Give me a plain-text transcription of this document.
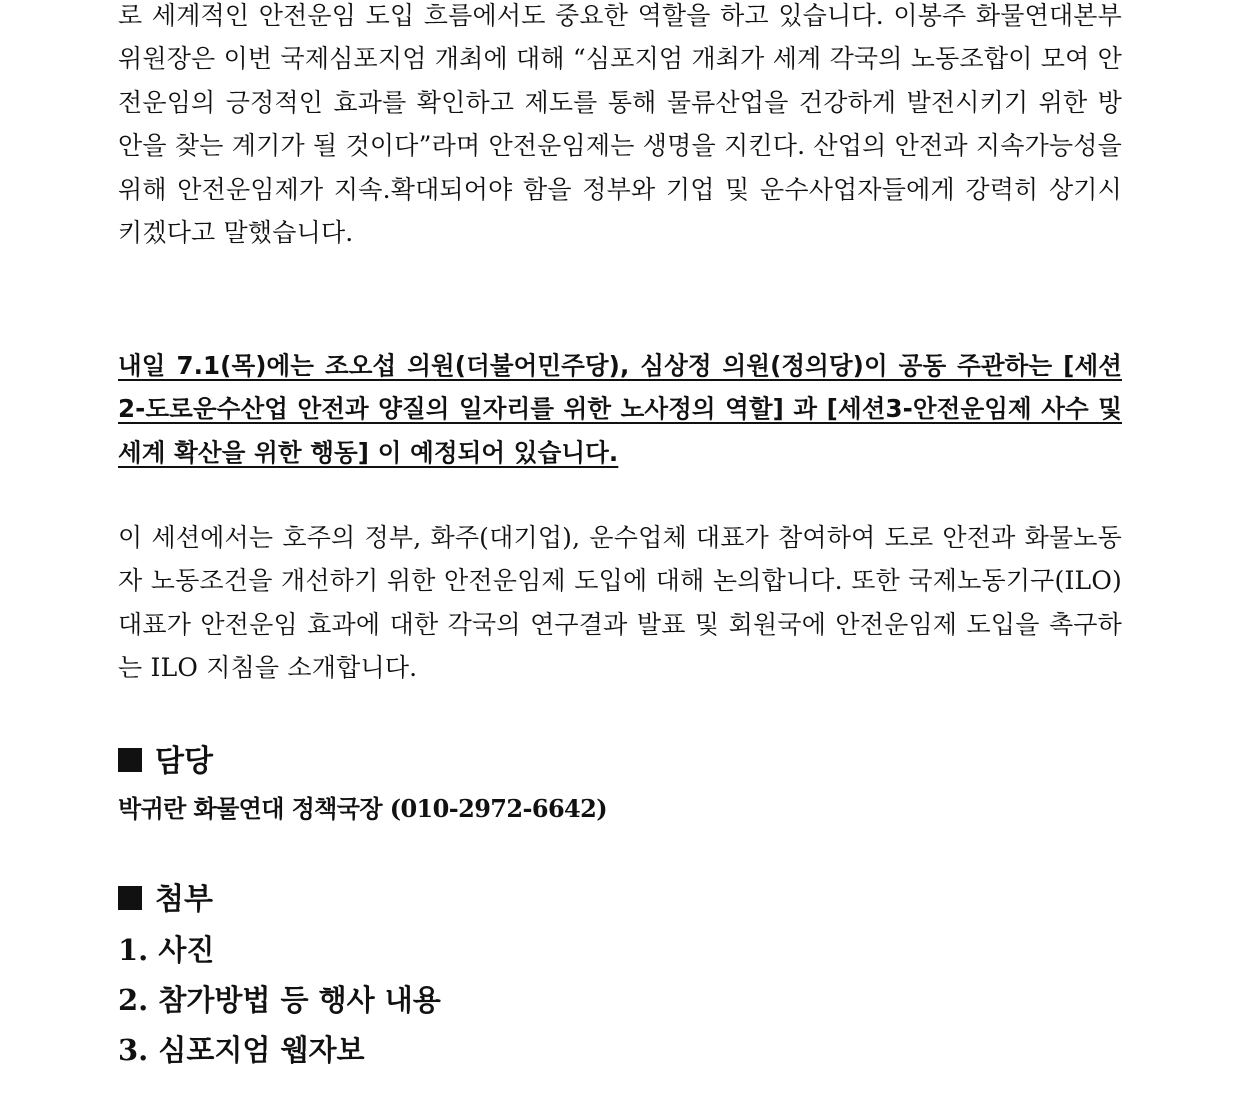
로 세계적인 안전운임 도입 흐름에서도 중요한 역할을 하고 있습니다. 이봉주 화물연대본부 위원장은 이번 국제심포지엄 개최에 대해 “심포지엄 개최가 세계 각국의 노동조합이 모여 안전운임의 긍정적인 효과를 확인하고 제도를 통해 물류산업을 건강하게 발전시키기 위한 방안을 찾는 계기가 될 것이다”라며 안전운임제는 생명을 지킨다. 산업의 안전과 지속가능성을 위해 안전운임제가 지속.확대되어야 함을 정부와 기업 및 운수사업자들에게 강력히 상기시키겠다고 말했습니다.

내일 7.1(목)에는 조오섭 의원(더불어민주당), 심상정 의원(정의당)이 공동 주관하는 [세션2-도로운수산업 안전과 양질의 일자리를 위한 노사정의 역할] 과 [세션3-안전운임제 사수 및 세계 확산을 위한 행동] 이 예정되어 있습니다.

이 세션에서는 호주의 정부, 화주(대기업), 운수업체 대표가 참여하여 도로 안전과 화물노동자 노동조건을 개선하기 위한 안전운임제 도입에 대해 논의합니다. 또한 국제노동기구(ILO) 대표가 안전운임 효과에 대한 각국의 연구결과 발표 및 회원국에 안전운임제 도입을 촉구하는 ILO 지침을 소개합니다.

담당
박귀란 화물연대 정책국장 (010-2972-6642)
첨부
1. 사진
2. 참가방법 등 행사 내용
3. 심포지엄 웹자보
